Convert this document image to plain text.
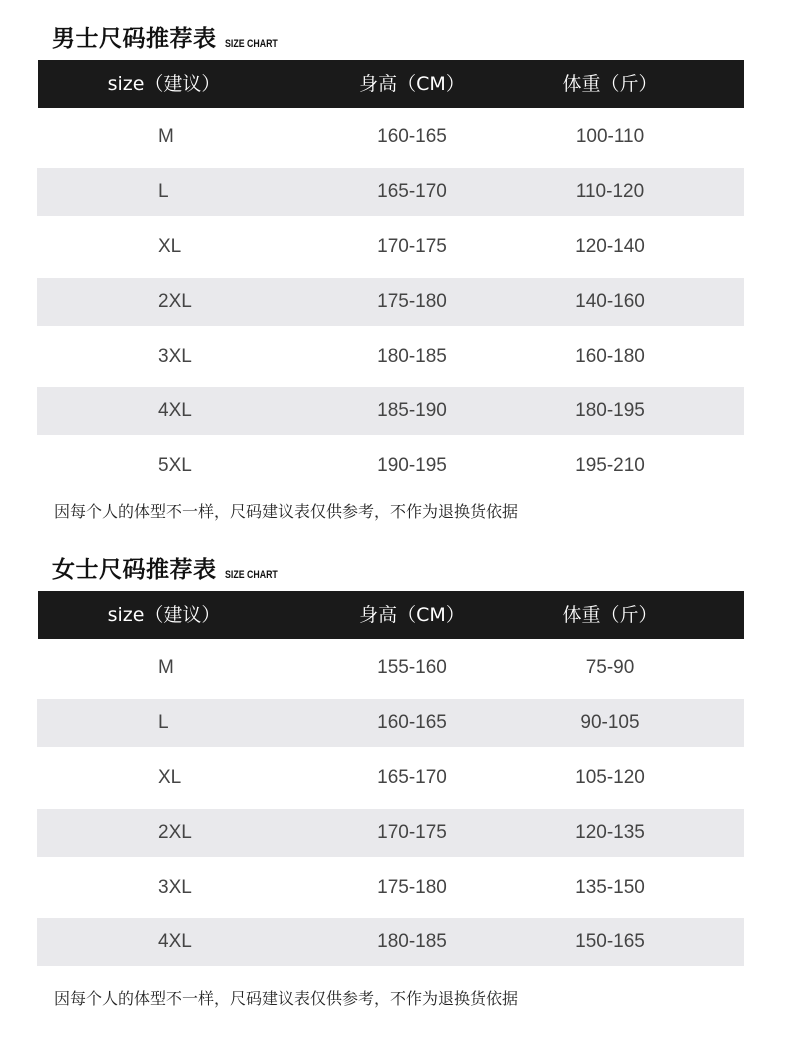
男士尺码推荐表 SIZE CHART
size（建议）	身高（CM）	体重（斤）
M	160-165	100-110
L	165-170	110-120
XL	170-175	120-140
2XL	175-180	140-160
3XL	180-185	160-180
4XL	185-190	180-195
5XL	190-195	195-210
因每个人的体型不一样，尺码建议表仅供参考，不作为退换货依据
女士尺码推荐表 SIZE CHART
size（建议）	身高（CM）	体重（斤）
M	155-160	75-90
L	160-165	90-105
XL	165-170	105-120
2XL	170-175	120-135
3XL	175-180	135-150
4XL	180-185	150-165
因每个人的体型不一样，尺码建议表仅供参考，不作为退换货依据
